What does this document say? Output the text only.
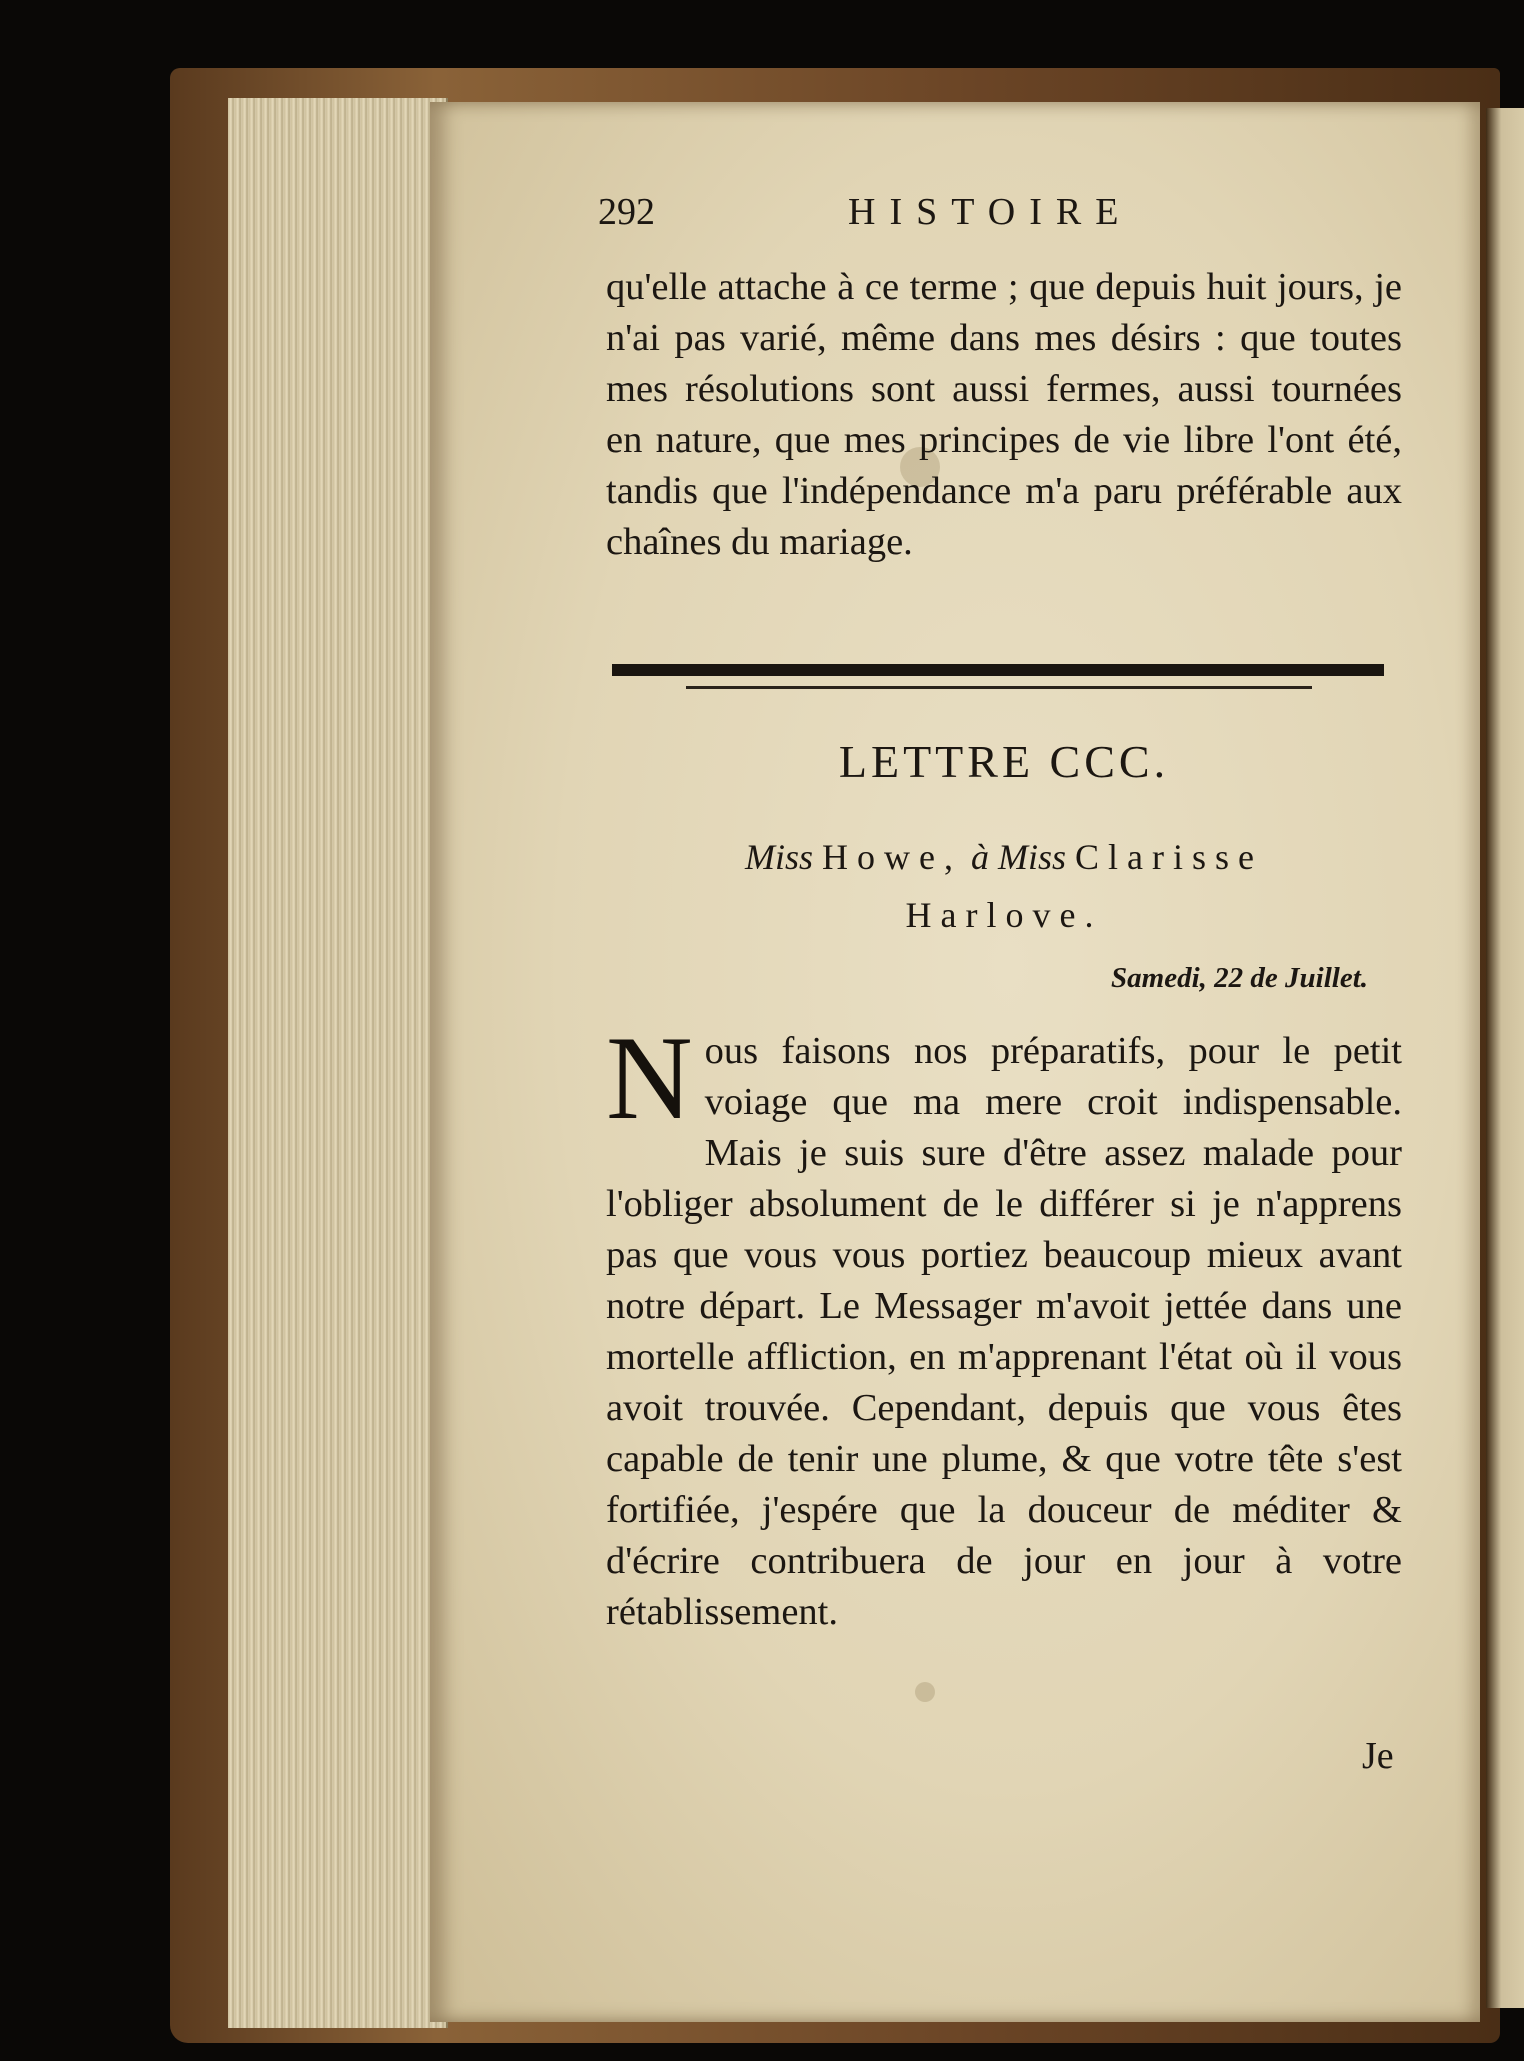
292	HISTOIRE
qu'elle attache à ce terme ; que depuis huit jours, je n'ai pas varié, même dans mes désirs : que toutes mes résolutions sont aussi fermes, aussi tournées en nature, que mes principes de vie libre l'ont été, tandis que l'indépendance m'a paru préférable aux chaînes du mariage.
LETTRE CCC.
Miss Howe, à Miss Clarisse
Harlove.
Samedi, 22 de Juillet.
Nous faisons nos préparatifs, pour le petit voiage que ma mere croit indispensable. Mais je suis sure d'être assez malade pour l'obliger absolument de le différer si je n'apprens pas que vous vous portiez beaucoup mieux avant notre départ. Le Messager m'avoit jettée dans une mortelle affliction, en m'apprenant l'état où il vous avoit trouvée. Cependant, depuis que vous êtes capable de tenir une plume, & que votre tête s'est fortifiée, j'espére que la douceur de méditer & d'écrire contribuera de jour en jour à votre rétablissement.
Je
